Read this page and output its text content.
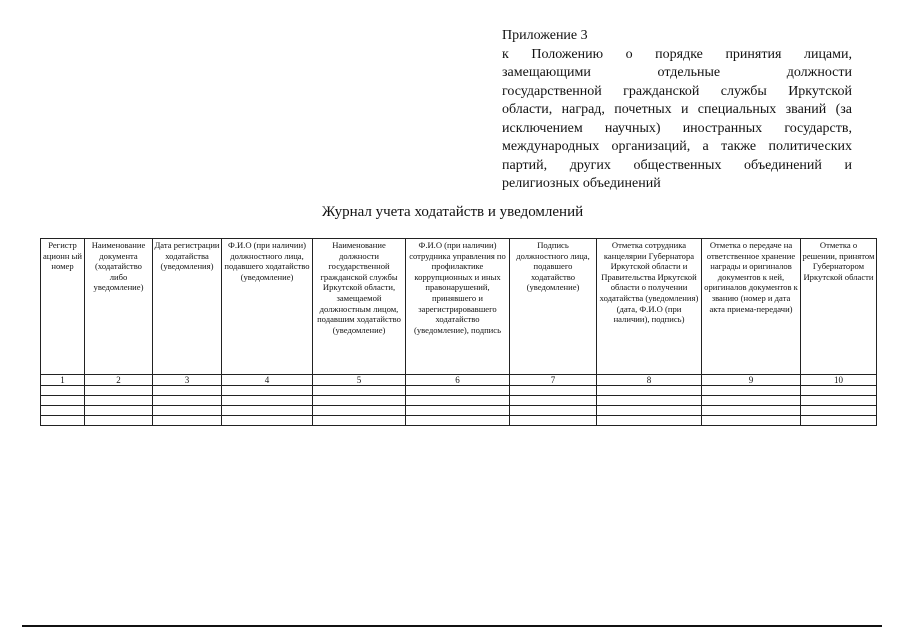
Приложение 3
к Положению о порядке принятия лицами,
замещающими отдельные должности
государственной гражданской службы Иркутской
области, наград, почетных и специальных званий (за
исключением научных) иностранных государств,
международных организаций, а также политических
партий, других общественных объединений и
религиозных объединений
Журнал учета ходатайств и уведомлений
Регистр ационн ый номер	Наименование документа (ходатайство либо уведомление)	Дата регистрации ходатайства (уведомления)	Ф.И.О (при наличии) должностного лица, подавшего ходатайство (уведомление)	Наименование должности государственной гражданской службы Иркутской области, замещаемой должностным лицом, подавшим ходатайство (уведомление)	Ф.И.О (при наличии) сотрудника управления по профилактике коррупционных и иных правонарушений, принявшего и зарегистрировавшего ходатайство (уведомление), подпись	Подпись должностного лица, подавшего ходатайство (уведомление)	Отметка сотрудника канцелярии Губернатора Иркутской области и Правительства Иркутской области о получении ходатайства (уведомления) (дата, Ф.И.О (при наличии), подпись)	Отметка о передаче на ответственное хранение награды и оригиналов документов к ней, оригиналов документов к званию (номер и дата акта приема-передачи)	Отметка о решении, принятом Губернатором Иркутской области
1	2	3	4	5	6	7	8	9	10
